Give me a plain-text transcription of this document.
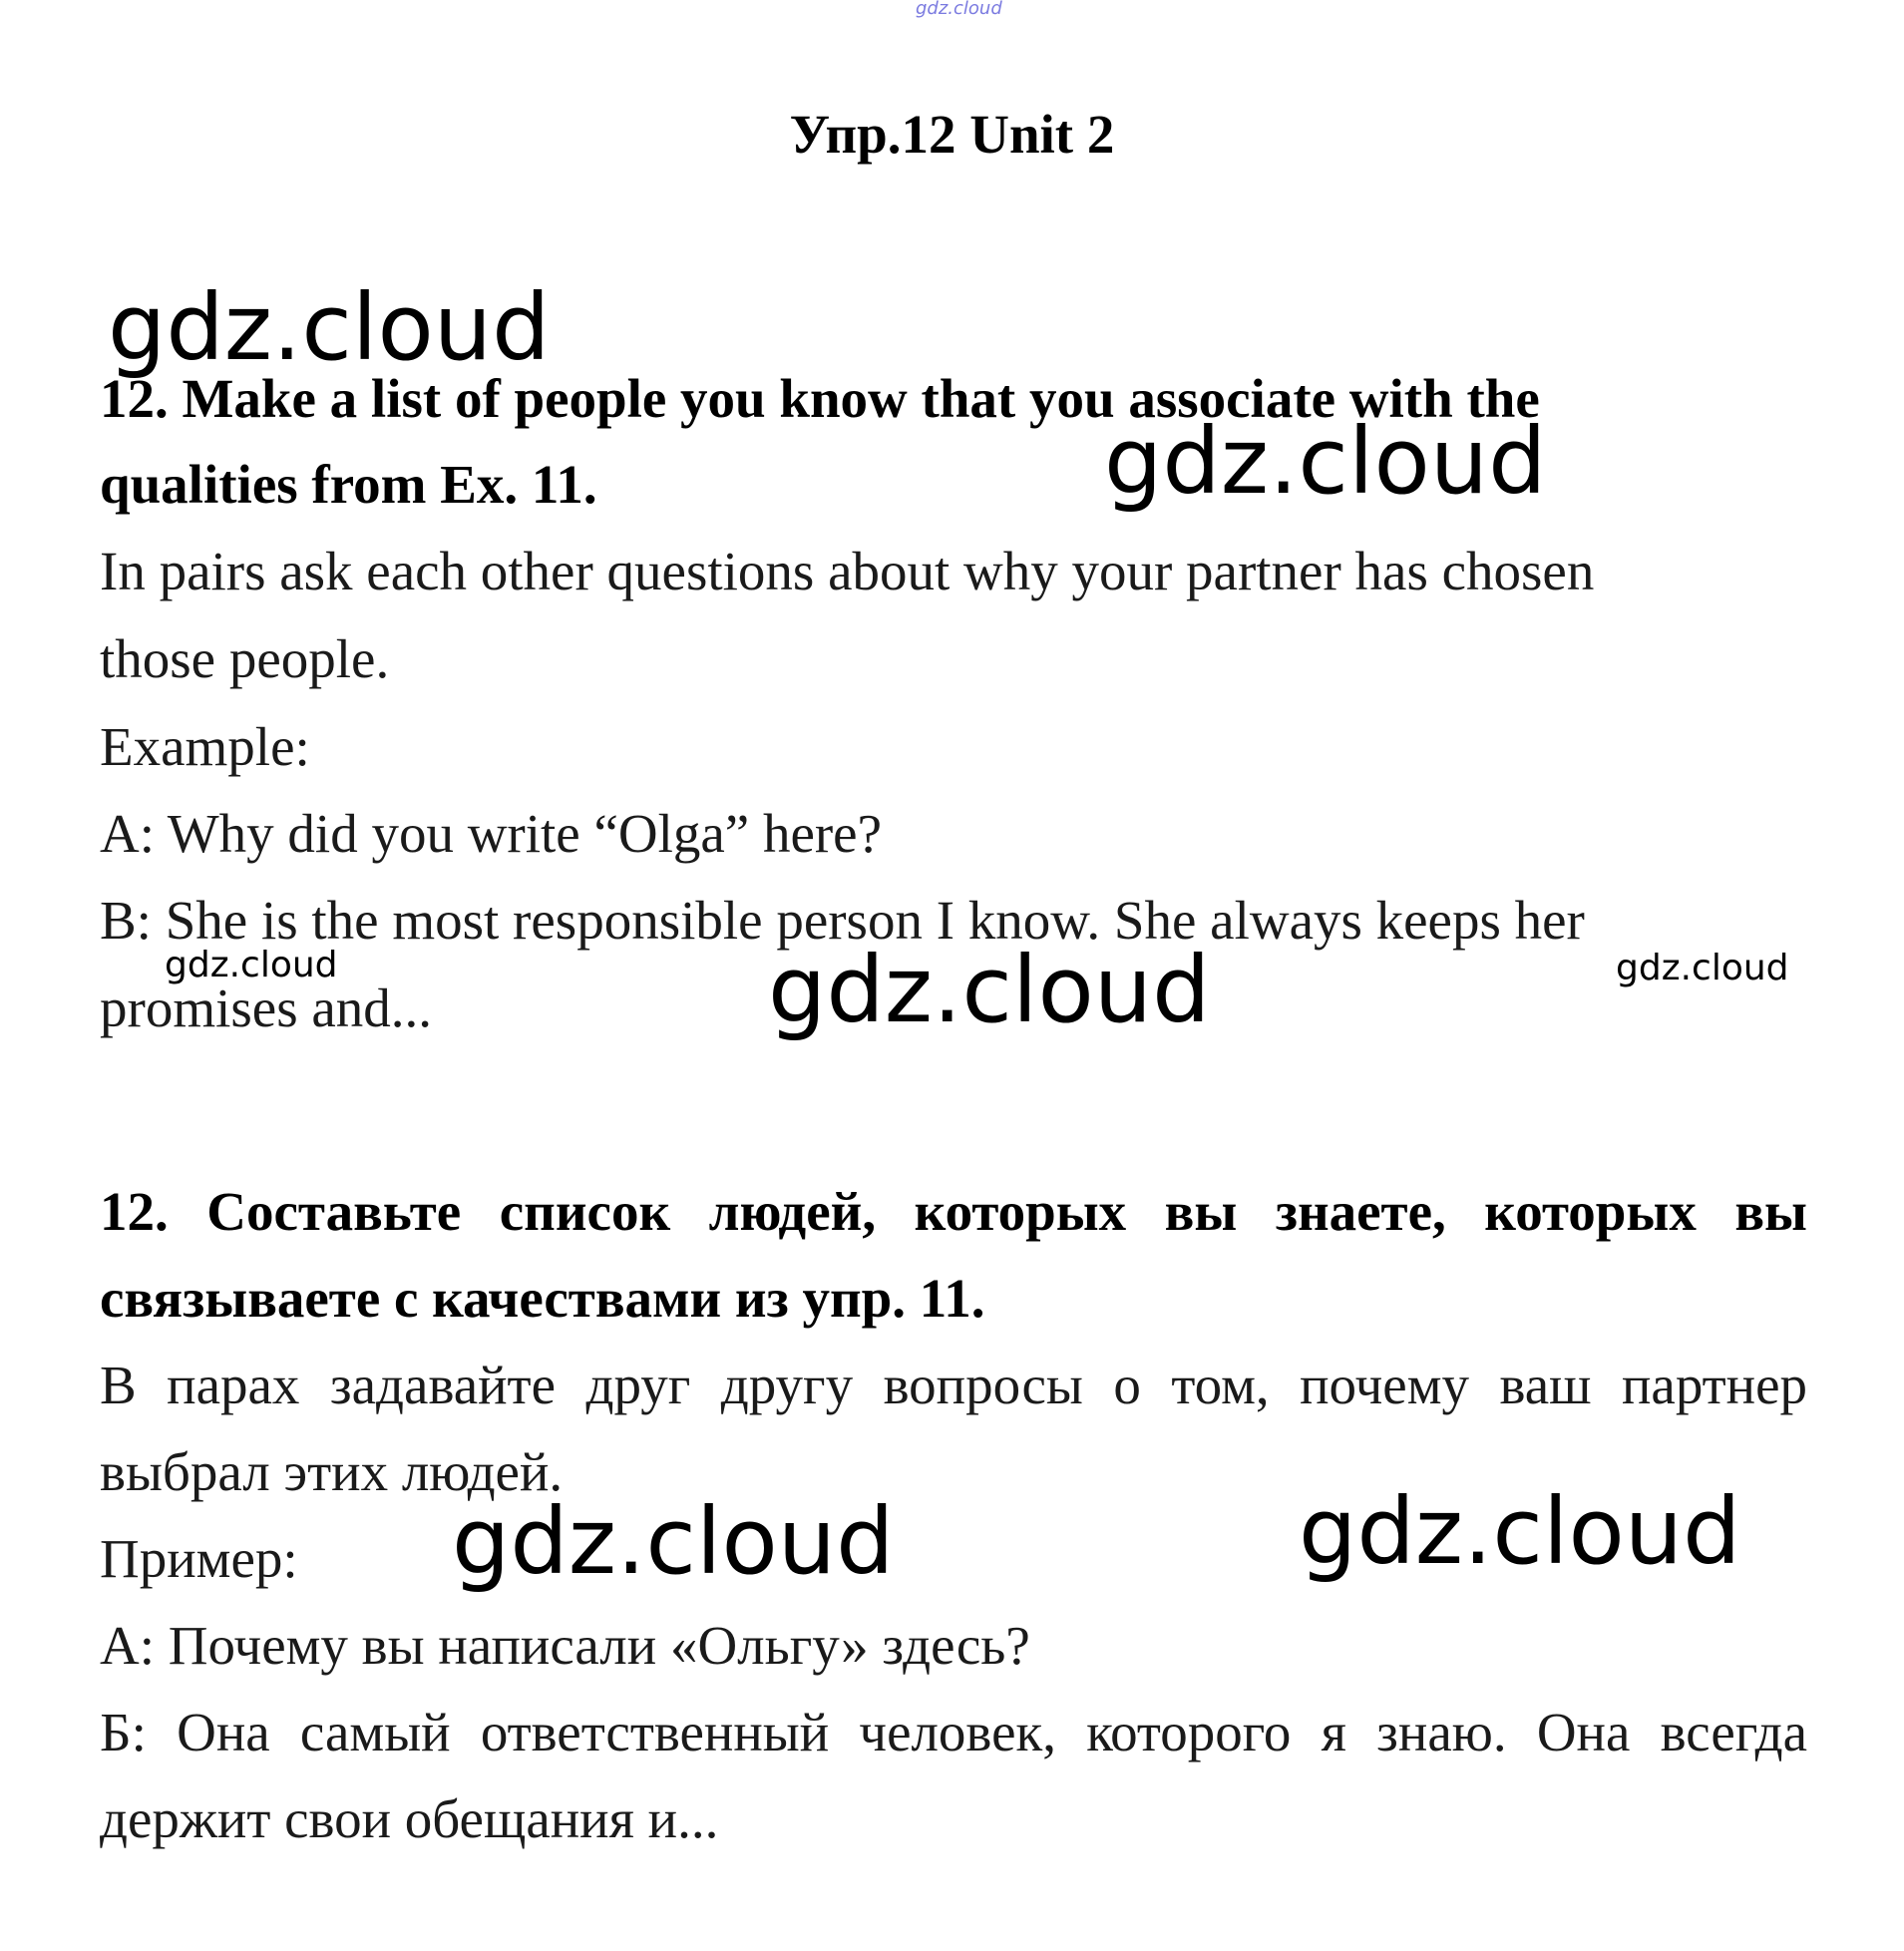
gdz.cloud
Упр.12 Unit 2
gdz.cloud
12. Make a list of people you know that you associate with the
qualities from Ex. 11.	gdz.cloud
In pairs ask each other questions about why your partner has chosen
those people.
Example:
A: Why did you write “Olga” here?
B: She is the most responsible person I know. She always keeps her
gdz.cloud	gdz.cloud
promises and...	gdz.cloud
12. Составьте список людей, которых вы знаете, которых вы
связываете с качествами из упр. 11.
В парах задавайте друг другу вопросы о том, почему ваш партнер
выбрал этих людей.
gdz.cloud	gdz.cloud
Пример:
А: Почему вы написали «Ольгу» здесь?
Б: Она самый ответственный человек, которого я знаю. Она всегда
держит свои обещания и...
